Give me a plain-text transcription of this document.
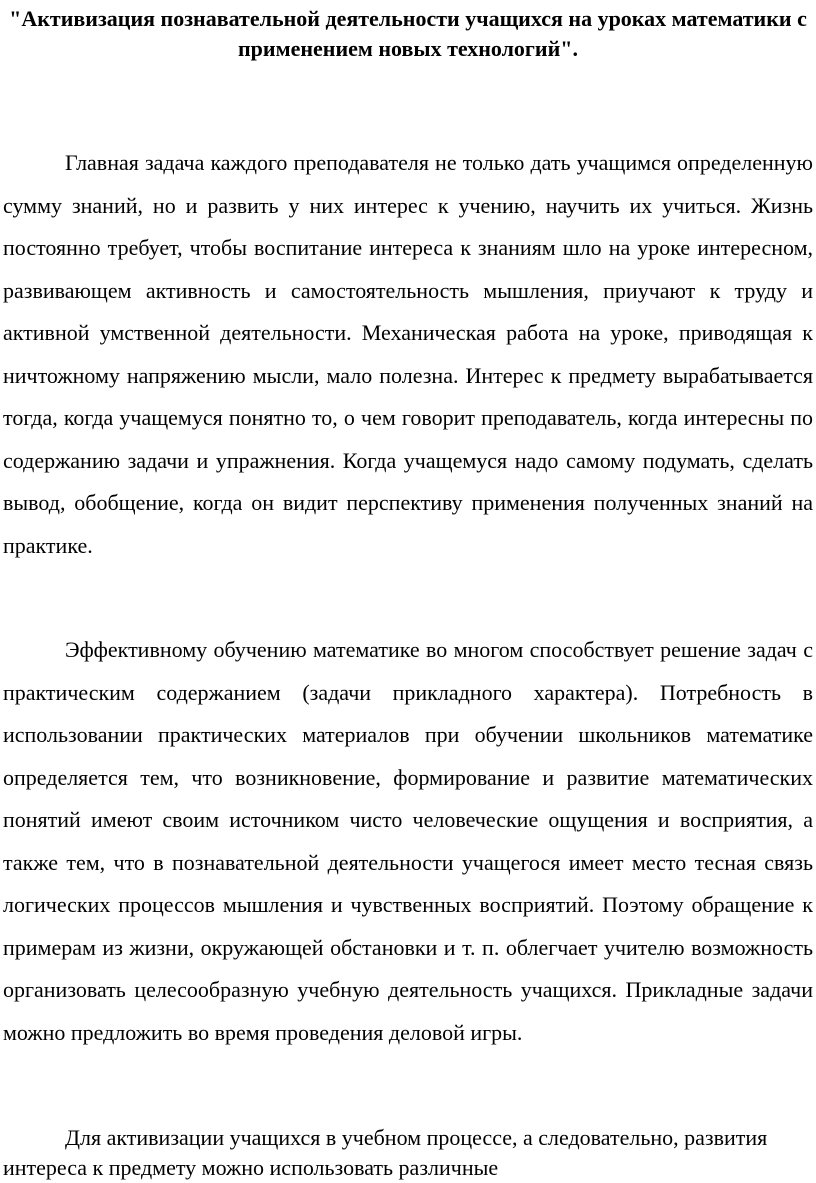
"Активизация познавательной деятельности учащихся на уроках математики с применением новых технологий".

Главная задача каждого преподавателя не только дать учащимся определенную сумму знаний, но и развить у них интерес к учению, научить их учиться. Жизнь постоянно требует, чтобы воспитание интереса к знаниям шло на уроке интересном, развивающем активность и самостоятельность мышления, приучают к труду и активной умственной деятельности. Механическая работа на уроке, приводящая к ничтожному напряжению мысли, мало полезна. Интерес к предмету вырабатывается тогда, когда учащемуся понятно то, о чем говорит преподаватель, когда интересны по содержанию задачи и упражнения. Когда учащемуся надо самому подумать, сделать вывод, обобщение, когда он видит перспективу применения полученных знаний на практике.

Эффективному обучению математике во многом способствует решение задач с практическим содержанием (задачи прикладного характера). Потребность в использовании практических материалов при обучении школьников математике определяется тем, что возникновение, формирование и развитие математических понятий имеют своим источником чисто человеческие ощущения и восприятия, а также тем, что в познавательной деятельности учащегося имеет место тесная связь логических процессов мышления и чувственных восприятий. Поэтому обращение к примерам из жизни, окружающей обстановки и т. п. облегчает учителю возможность организовать целесообразную учебную деятельность учащихся. Прикладные задачи можно предложить во время проведения деловой игры.

Для активизации учащихся в учебном процессе, а следовательно, развития интереса к предмету можно использовать различные
